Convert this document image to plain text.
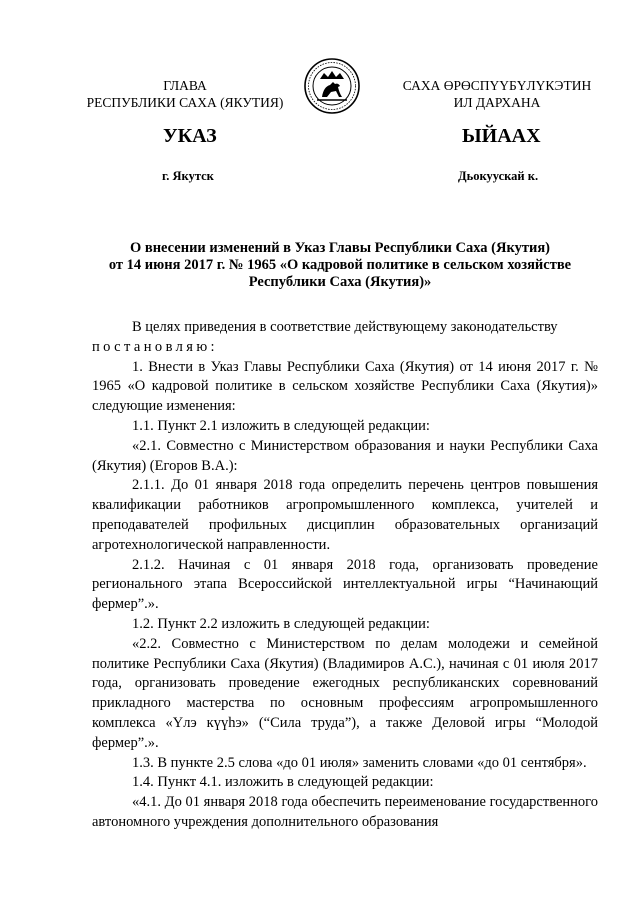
ГЛАВА
РЕСПУБЛИКИ САХА (ЯКУТИЯ)
САХА ӨРӨСПҮҮБҮЛҮКЭТИН
ИЛ ДАРХАНА
УКАЗ	ЫЙААХ
г. Якутск	Дьокуускай к.
О внесении изменений в Указ Главы Республики Саха (Якутия)
от 14 июня 2017 г. № 1965 «О кадровой политике в сельском хозяйстве
Республики Саха (Якутия)»

В целях приведения в соответствие действующему законодательству

постановляю:

1. Внести в Указ Главы Республики Саха (Якутия) от 14 июня 2017 г. № 1965 «О кадровой политике в сельском хозяйстве Республики Саха (Якутия)» следующие изменения:

1.1. Пункт 2.1 изложить в следующей редакции:

«2.1. Совместно с Министерством образования и науки Республики Саха (Якутия) (Егоров В.А.):

2.1.1. До 01 января 2018 года определить перечень центров повышения квалификации работников агропромышленного комплекса, учителей и преподавателей профильных дисциплин образовательных организаций агротехнологической направленности.

2.1.2. Начиная с 01 января 2018 года, организовать проведение регионального этапа Всероссийской интеллектуальной игры “Начинающий фермер”.».

1.2. Пункт 2.2 изложить в следующей редакции:

«2.2. Совместно с Министерством по делам молодежи и семейной политике Республики Саха (Якутия) (Владимиров А.С.), начиная с 01 июля 2017 года, организовать проведение ежегодных республиканских соревнований прикладного мастерства по основным профессиям агропромышленного комплекса «Үлэ күүһэ» (“Сила труда”), а также Деловой игры “Молодой фермер”.».

1.3. В пункте 2.5 слова «до 01 июля» заменить словами «до 01 сентября».

1.4. Пункт 4.1. изложить в следующей редакции:

«4.1. До 01 января 2018 года обеспечить переименование государственного автономного учреждения дополнительного образования
